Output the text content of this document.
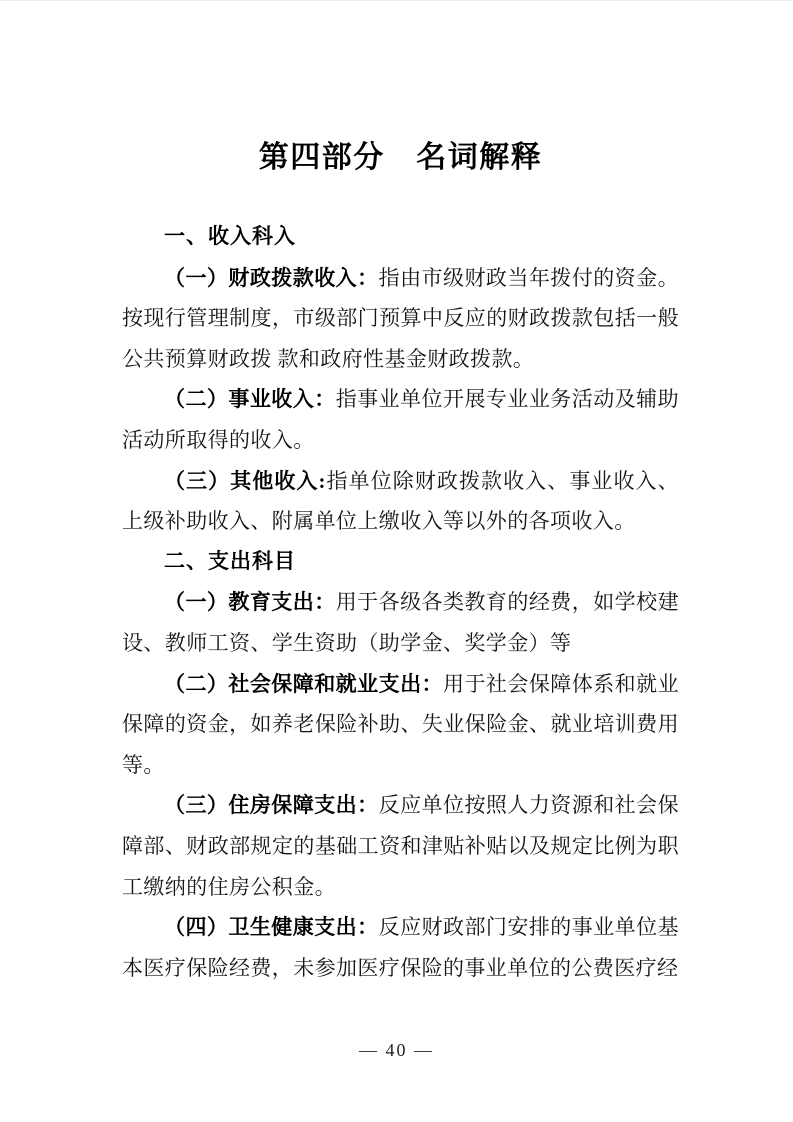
第四部分　名词解释

一、收入科入

（一）财政拨款收入：指由市级财政当年拨付的资金。按现行管理制度，市级部门预算中反应的财政拨款包括一般公共预算财政拨 款和政府性基金财政拨款。

（二）事业收入：指事业单位开展专业业务活动及辅助活动所取得的收入。

（三）其他收入:指单位除财政拨款收入、事业收入、上级补助收入、附属单位上缴收入等以外的各项收入。

二、支出科目

（一）教育支出：用于各级各类教育的经费，如学校建设、教师工资、学生资助（助学金、奖学金）等

（二）社会保障和就业支出：用于社会保障体系和就业保障的资金，如养老保险补助、失业保险金、就业培训费用等。

（三）住房保障支出：反应单位按照人力资源和社会保障部、财政部规定的基础工资和津贴补贴以及规定比例为职工缴纳的住房公积金。

（四）卫生健康支出：反应财政部门安排的事业单位基本医疗保险经费，未参加医疗保险的事业单位的公费医疗经

— 40 —
